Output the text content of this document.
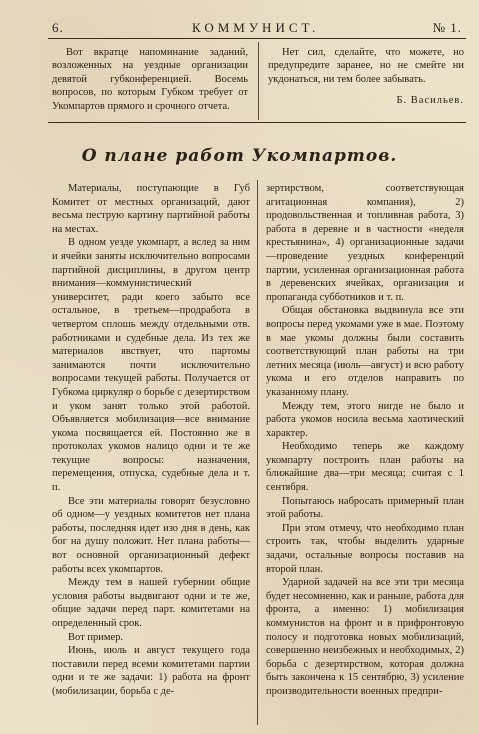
6.	КОММУНИСТ.	№ 1.

Вот вкратце напоминание заданий, возложенных на уездные организации девятой губконференцией. Восемь вопросов, по которым Губком требует от Укомпартов прямого и срочного отчета.

Нет сил, сделайте, что можете, но предупредите заранее, но не смейте ни укдонаться, ни тем более забывать.

Б. Васильев.
О плане работ Укомпартов.

Материалы, поступающие в Губ Комитет от местных организаций, дают весьма пеструю картину партийной работы на местах.

В одном уезде укомпарт, а вслед за ним и ячейки заняты исключительно вопросами партийной дисциплины, в другом центр внимания—коммунистический университет, ради коего забыто все остальное, в третьем—продработа в четвертом сплошь между отдельными отв. работниками и судебные дела. Из тех же материалов явствует, что партомы занимаются почти исключительно вопросами текущей работы. Получается от Губкома циркуляр о борьбе с дезертирством и уком занят только этой работой. Объявляется мобилизация—все внимание укома посвящается ей. Постоянно же в протоколах укомов налицо одни и те же текущие вопросы: назначения, перемещения, отпуска, судебные дела и т. п.

Все эти материалы говорят безусловно об одном—у уездных комитетов нет плана работы, последняя идет изо дня в день, как бог на душу положит. Нет плана работы—вот основной организационный дефект работы всех укомпартов.

Между тем в нашей губернии общие условия работы выдвигают одни и те же, общие задачи перед парт. комитетами на определенный срок.

Вот пример.

Июнь, июль и август текущего года поставили перед всеми комитетами партии одни и те же задачи: 1) работа на фронт (мобилизации, борьба с де-

зертирством, соответствующая агитационная компания), 2) продовольственная и топливная работа, 3) работа в деревне и в частности «неделя крестьянина», 4) организационные задачи—проведение уездных конференций партии, усиленная организационная работа в деревенских ячейках, организация и пропаганда субботников и т. п.

Общая обстановка выдвинула все эти вопросы перед укомами уже в мае. Поэтому в мае укомы должны были составить соответствующий план работы на три летних месяца (июль—август) и всю работу укома и его отделов направить по указанному плану.

Между тем, этого нигде не было и работа укомов носила весьма хаотический характер.

Необходимо теперь же каждому укомпарту построить план работы на ближайшие два—три месяца; считая с 1 сентября.

Попытаюсь набросать примерный план этой работы.

При этом отмечу, что необходимо план строить так, чтобы выделить ударные задачи, остальные вопросы поставив на второй план.

Ударной задачей на все эти три месяца будет несомненно, как и раньше, работа для фронта, а именно: 1) мобилизация коммунистов на фронт и в прифронтовую полосу и подготовка новых мобилизаций, совершенно неизбежных и необходимых, 2) борьба с дезертирством, которая должна быть закончена к 15 сентябрю, 3) усиление производительности военных предпри-
